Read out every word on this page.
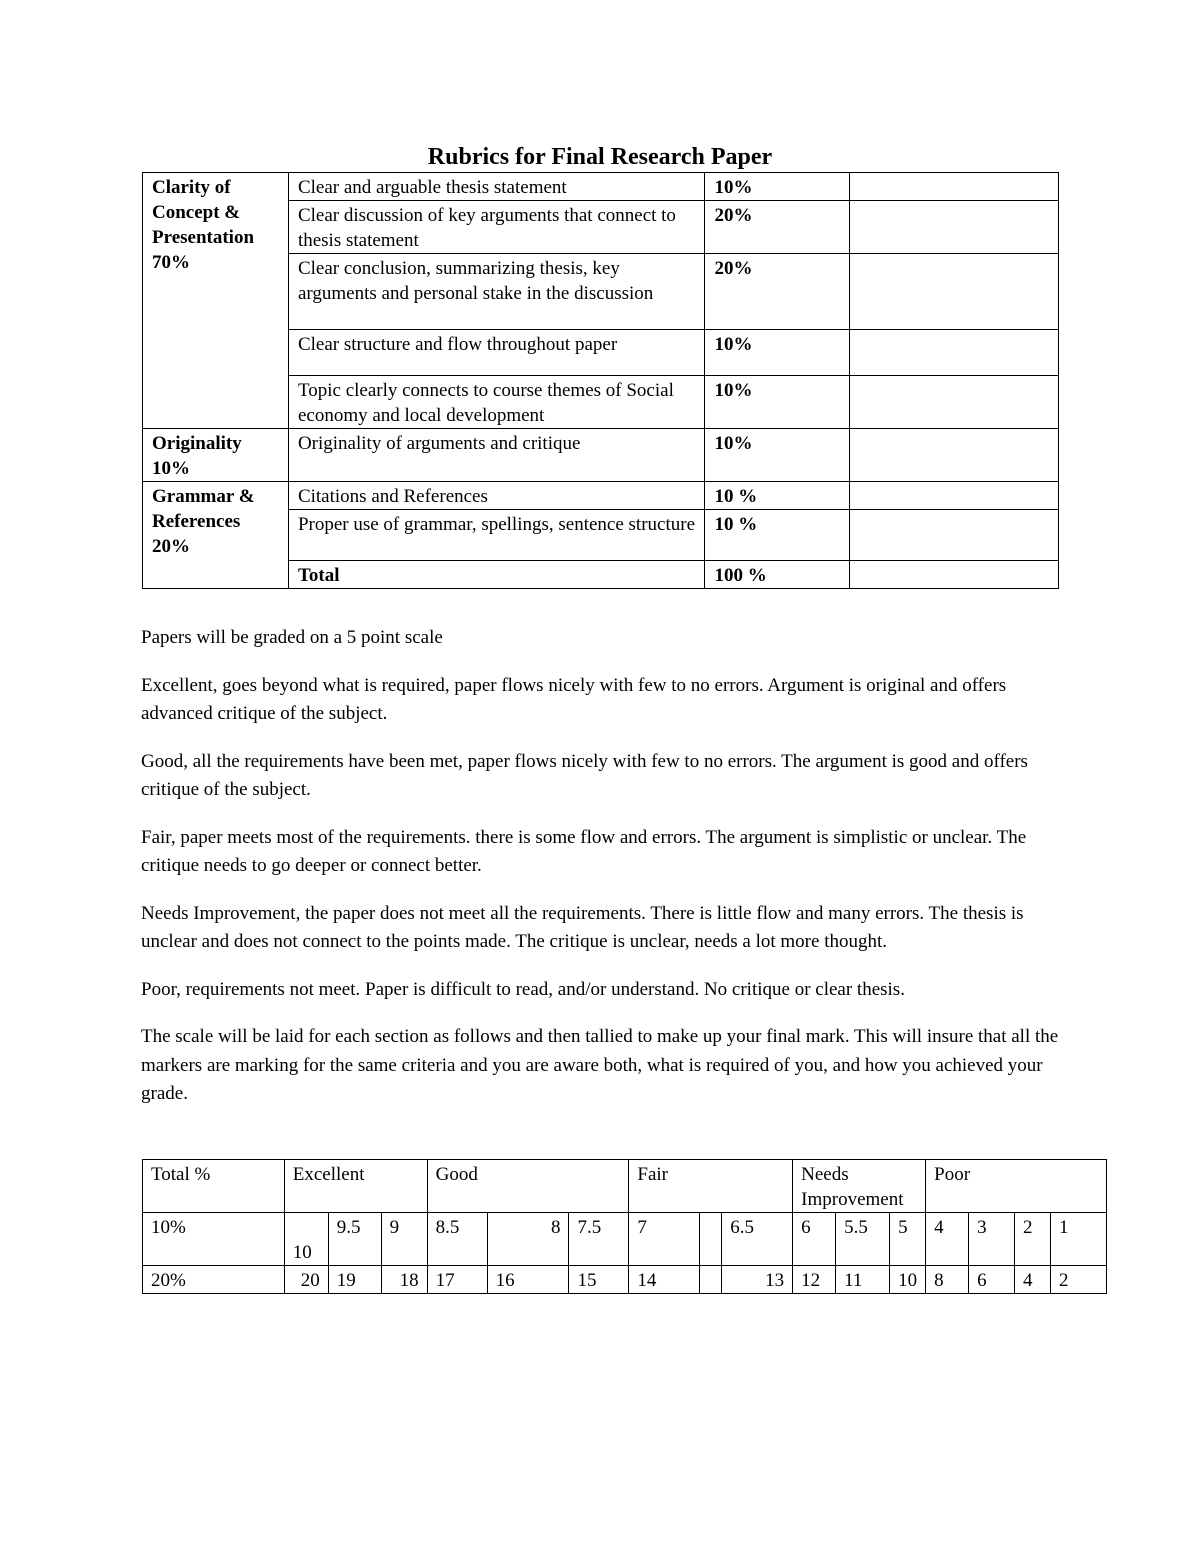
Rubrics for Final Research Paper
Clarity of
Concept &
Presentation
70%	Clear and arguable thesis statement	10%	
	Clear discussion of key arguments that connect to thesis statement	20%	
	Clear conclusion, summarizing thesis, key arguments and personal stake in the discussion	20%	
	Clear structure and flow throughout paper	10%	
	Topic clearly connects to course themes of Social economy and local development	10%	
Originality
10%	Originality of arguments and critique	10%	
Grammar &
References
20%	Citations and References	10 %	
	Proper use of grammar, spellings, sentence structure	10 %	
	Total	100 %	

Papers will be graded on a 5 point scale

Excellent, goes beyond what is required, paper flows nicely with few to no errors. Argument is original and offers advanced critique of the subject.

Good, all the requirements have been met, paper flows nicely with few to no errors. The argument is good and offers critique of the subject.

Fair, paper meets most of the requirements. there is some flow and errors. The argument is simplistic or unclear. The critique needs to go deeper or connect better.

Needs Improvement, the paper does not meet all the requirements. There is little flow and many errors. The thesis is unclear and does not connect to the points made. The critique is unclear, needs a lot more thought.

Poor, requirements not meet. Paper is difficult to read, and/or understand. No critique or clear thesis.

The scale will be laid for each section as follows and then tallied to make up your final mark. This will insure that all the markers are marking for the same criteria and you are aware both, what is required of you, and how you achieved your grade.

Total %	Excellent			Good			Fair			Needs Improvement			Poor			
10%	10	9.5	9	8.5	8	7.5	7		6.5	6	5.5	5	4	3	2	1
20%	20	19	18	17	16	15	14		13	12	11	10	8	6	4	2
